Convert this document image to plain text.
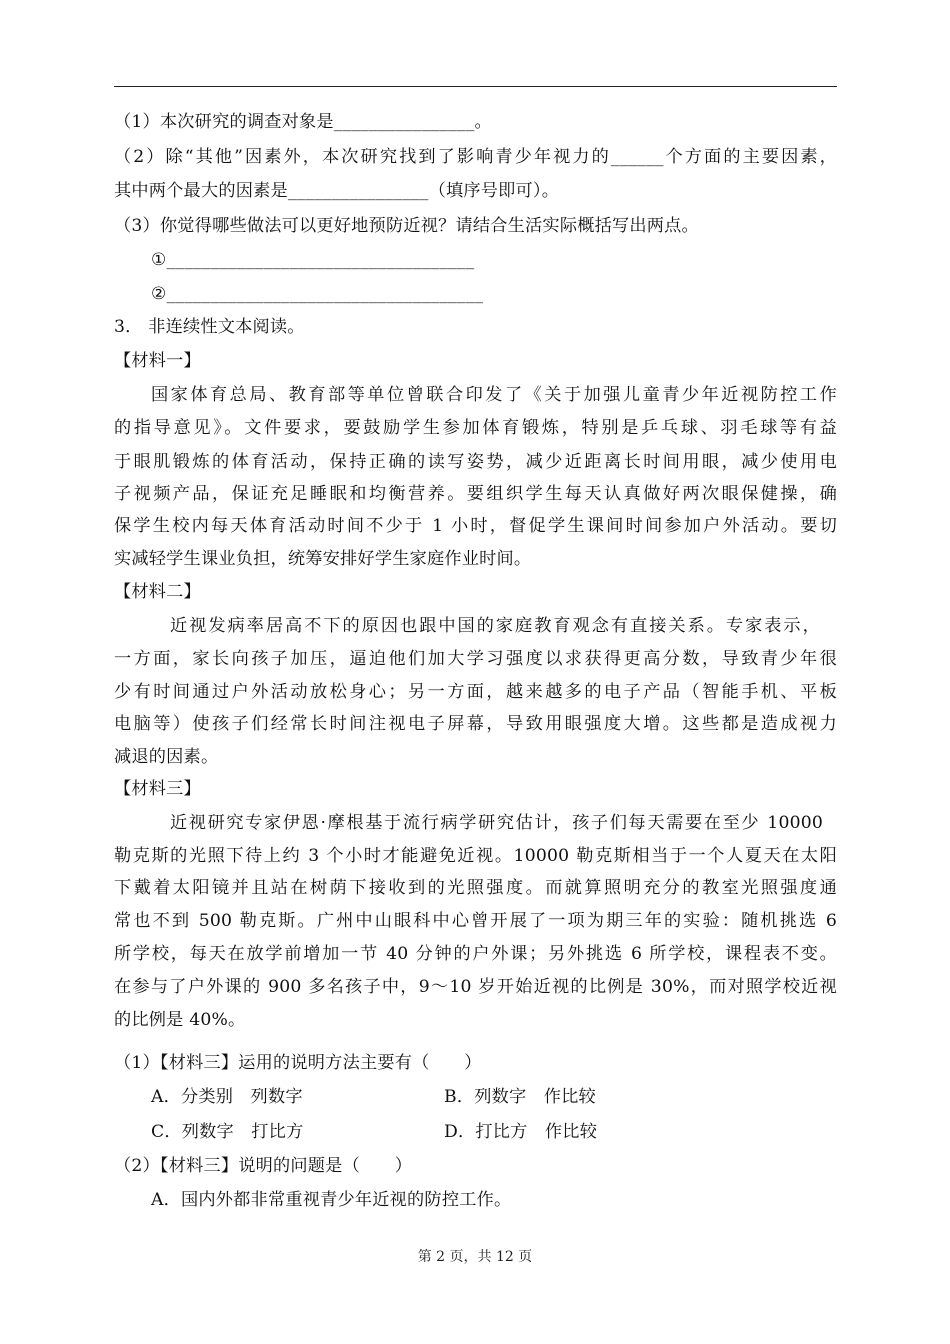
（1）本次研究的调查对象是________________。
（2）除“其他”因素外，本次研究找到了影响青少年视力的______个方面的主要因素，
其中两个最大的因素是________________（填序号即可）。
（3）你觉得哪些做法可以更好地预防近视？请结合生活实际概括写出两点。
①___________________________________
②____________________________________
3． 非连续性文本阅读。
【材料一】
国家体育总局、教育部等单位曾联合印发了《关于加强儿童青少年近视防控工作
的指导意见》。文件要求，要鼓励学生参加体育锻炼，特别是乒乓球、羽毛球等有益
于眼肌锻炼的体育活动，保持正确的读写姿势，减少近距离长时间用眼，减少使用电
子视频产品，保证充足睡眠和均衡营养。要组织学生每天认真做好两次眼保健操，确
保学生校内每天体育活动时间不少于 1 小时，督促学生课间时间参加户外活动。要切
实减轻学生课业负担，统筹安排好学生家庭作业时间。
【材料二】
近视发病率居高不下的原因也跟中国的家庭教育观念有直接关系。专家表示，
一方面，家长向孩子加压，逼迫他们加大学习强度以求获得更高分数，导致青少年很
少有时间通过户外活动放松身心；另一方面，越来越多的电子产品（智能手机、平板
电脑等）使孩子们经常长时间注视电子屏幕，导致用眼强度大增。这些都是造成视力
减退的因素。
【材料三】
近视研究专家伊恩·摩根基于流行病学研究估计，孩子们每天需要在至少 10000
勒克斯的光照下待上约 3 个小时才能避免近视。10000 勒克斯相当于一个人夏天在太阳
下戴着太阳镜并且站在树荫下接收到的光照强度。而就算照明充分的教室光照强度通
常也不到 500 勒克斯。广州中山眼科中心曾开展了一项为期三年的实验：随机挑选 6
所学校，每天在放学前增加一节 40 分钟的户外课；另外挑选 6 所学校，课程表不变。
在参与了户外课的 900 多名孩子中，9～10 岁开始近视的比例是 30%，而对照学校近视
的比例是 40%。
（1）【材料三】运用的说明方法主要有（　　）
A．分类别　列数字	B．列数字　作比较
C．列数字　打比方	D．打比方　作比较
（2）【材料三】说明的问题是（　　）
A．国内外都非常重视青少年近视的防控工作。
第 2 页，共 12 页
